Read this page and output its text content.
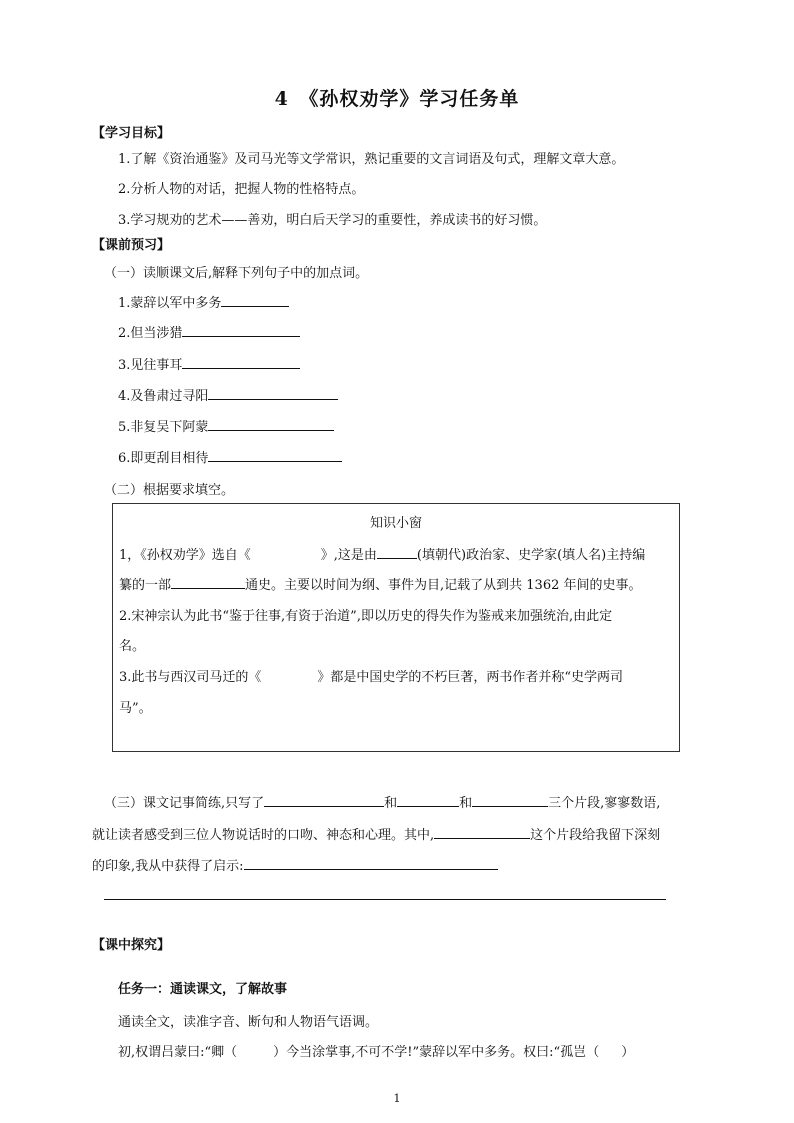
4　《孙权劝学》学习任务单
【学习目标】
1.了解《资治通鉴》及司马光等文学常识，熟记重要的文言词语及句式，理解文章大意。
2.分析人物的对话，把握人物的性格特点。
3.学习规劝的艺术——善劝，明白后天学习的重要性，养成读书的好习惯。
【课前预习】
（一）读顺课文后,解释下列句子中的加点词。
1.蒙辞以军中多务
2.但当涉猎
3.见往事耳
4.及鲁肃过寻阳
5.非复吴下阿蒙
6.即更刮目相待
（二）根据要求填空。
知识小窗
1，《孙权劝学》选自《	》,这是由	(填朝代)政治家、史学家(填人名)主持编
纂的一部	通史。主要以时间为纲、事件为目,记载了从到共 1362 年间的史事。
2.宋神宗认为此书“鉴于往事,有资于治道”,即以历史的得失作为鉴戒来加强统治,由此定
名。
3.此书与西汉司马迁的《	》都是中国史学的不朽巨著，两书作者并称“史学两司
马”。
（三）课文记事简练,只写了	和	和	三个片段,寥寥数语,
就让读者感受到三位人物说话时的口吻、神态和心理。其中,	这个片段给我留下深刻
的印象,我从中获得了启示:
【课中探究】
任务一：通读课文，了解故事
通读全文，读准字音、断句和人物语气语调。
初,权谓吕蒙曰:“卿（	）今当涂掌事,不可不学!”蒙辞以军中多务。权曰:“孤岂（ ）
1
